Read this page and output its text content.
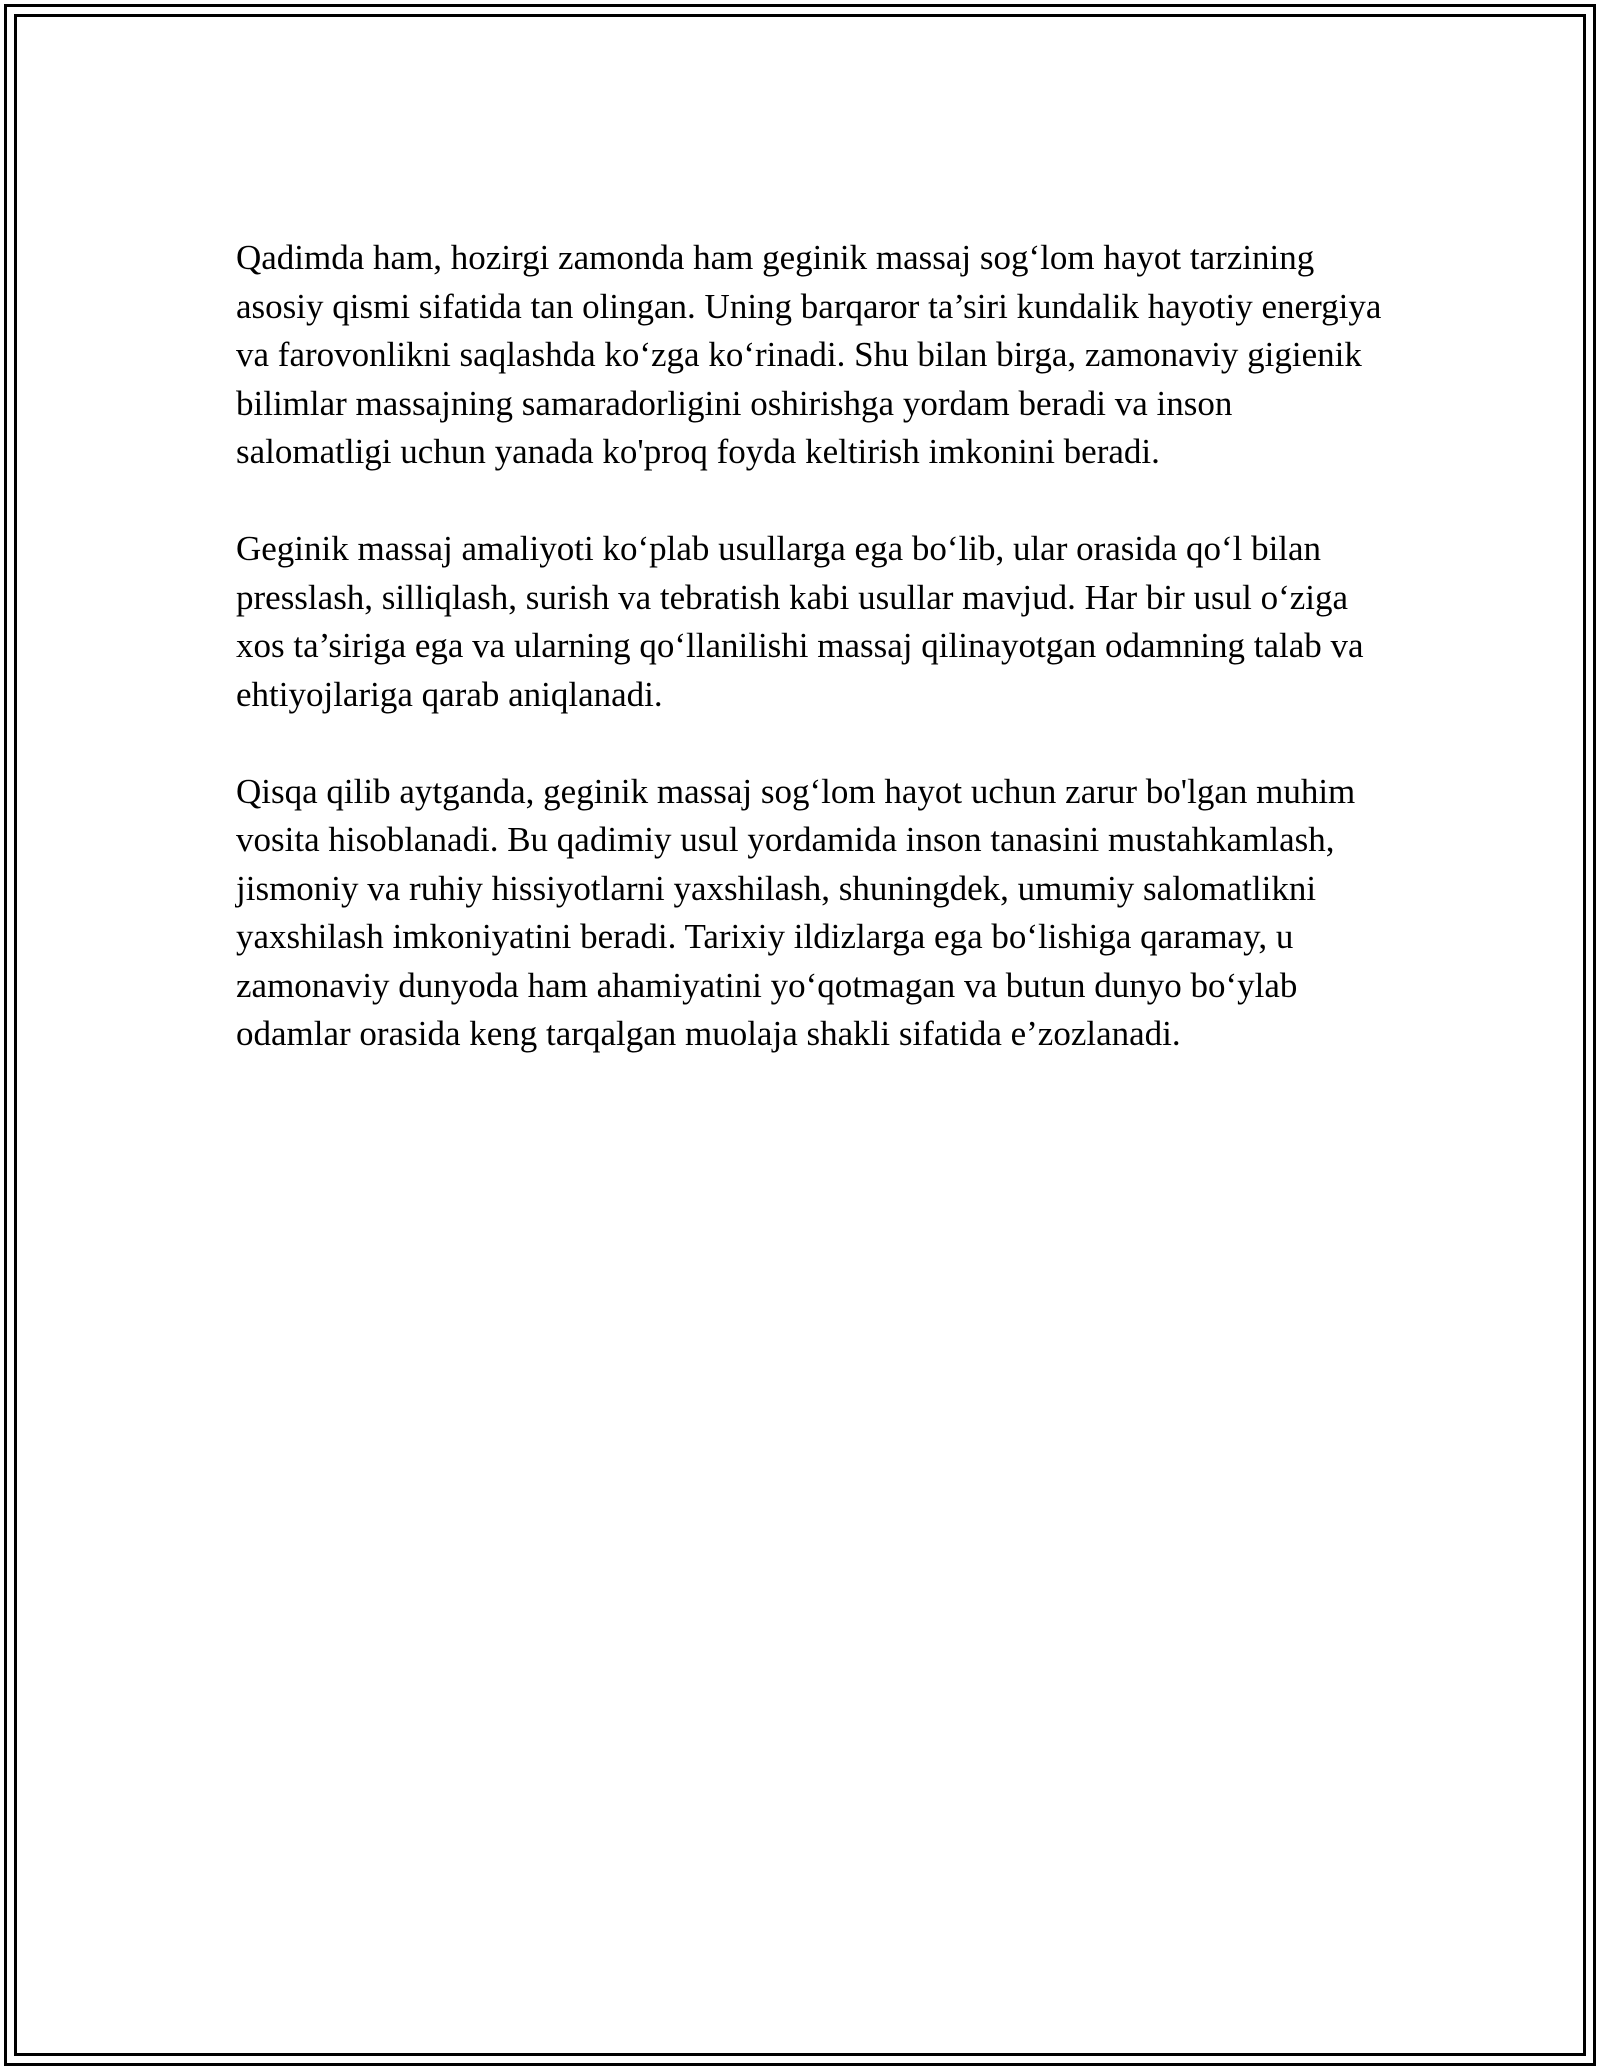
Qadimda ham, hozirgi zamonda ham geginik massaj sog‘lom hayot tarzining asosiy qismi sifatida tan olingan. Uning barqaror ta’siri kundalik hayotiy energiya va farovonlikni saqlashda ko‘zga ko‘rinadi. Shu bilan birga, zamonaviy gigienik bilimlar massajning samaradorligini oshirishga yordam beradi va inson salomatligi uchun yanada ko'proq foyda keltirish imkonini beradi.

Geginik massaj amaliyoti ko‘plab usullarga ega bo‘lib, ular orasida qo‘l bilan presslash, silliqlash, surish va tebratish kabi usullar mavjud. Har bir usul o‘ziga xos ta’siriga ega va ularning qo‘llanilishi massaj qilinayotgan odamning talab va ehtiyojlariga qarab aniqlanadi.

Qisqa qilib aytganda, geginik massaj sog‘lom hayot uchun zarur bo'lgan muhim vosita hisoblanadi. Bu qadimiy usul yordamida inson tanasini mustahkamlash, jismoniy va ruhiy hissiyotlarni yaxshilash, shuningdek, umumiy salomatlikni yaxshilash imkoniyatini beradi. Tarixiy ildizlarga ega bo‘lishiga qaramay, u zamonaviy dunyoda ham ahamiyatini yo‘qotmagan va butun dunyo bo‘ylab odamlar orasida keng tarqalgan muolaja shakli sifatida e’zozlanadi.
